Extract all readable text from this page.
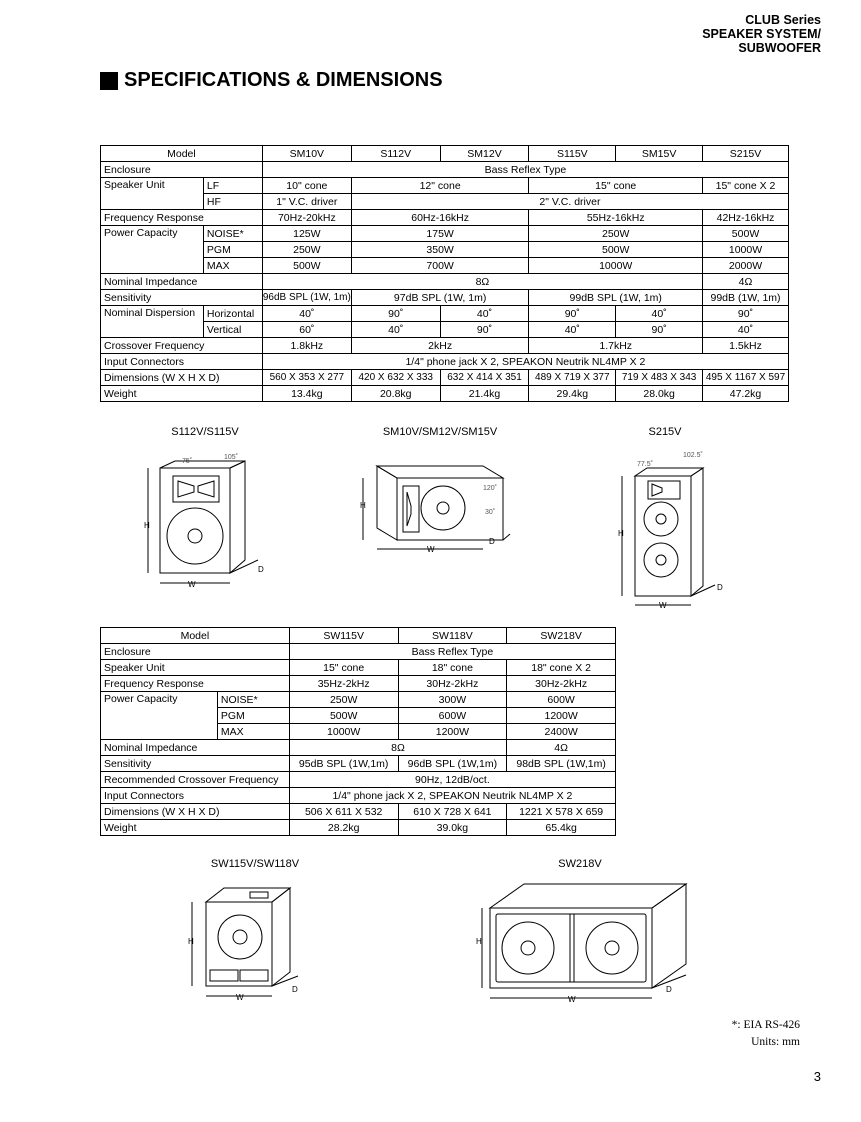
CLUB Series
SPEAKER SYSTEM/
SUBWOOFER
SPECIFICATIONS & DIMENSIONS
Model		SM10V	S112V	SM12V	S115V	SM15V	S215V
Enclosure		Bass Reflex Type					
Speaker Unit	LF	10" cone	12" cone		15" cone		15" cone X 2
	HF	1" V.C. driver	2" V.C. driver				
Frequency Response		70Hz-20kHz	60Hz-16kHz		55Hz-16kHz		42Hz-16kHz
Power Capacity	NOISE*	125W	175W		250W		500W
	PGM	250W	350W		500W		1000W
	MAX	500W	700W		1000W		2000W
Nominal Impedance		8Ω					4Ω
Sensitivity		96dB SPL (1W, 1m)	97dB SPL (1W, 1m)		99dB SPL (1W, 1m)		99dB (1W, 1m)
Nominal Dispersion	Horizontal	40˚	90˚	40˚	90˚	40˚	90˚
	Vertical	60˚	40˚	90˚	40˚	90˚	40˚
Crossover Frequency		1.8kHz	2kHz		1.7kHz		1.5kHz
Input Connectors		1/4" phone jack X 2, SPEAKON Neutrik NL4MP X 2					
Dimensions (W X H X D)		560 X 353 X 277	420 X 632 X 333	632 X 414 X 351	489 X 719 X 377	719 X 483 X 343	495 X 1167 X 597
Weight		13.4kg	20.8kg	21.4kg	29.4kg	28.0kg	47.2kg
S112V/S115V	SM10V/SM12V/SM15V	S215V
W
H
D
75˚
105˚
W
H
D
120˚
30˚
W
H
D
77.5˚
102.5˚
Model		SW115V	SW118V	SW218V
Enclosure		Bass Reflex Type		
Speaker Unit		15" cone	18" cone	18" cone X 2
Frequency Response		35Hz-2kHz	30Hz-2kHz	30Hz-2kHz
Power Capacity	NOISE*	250W	300W	600W
	PGM	500W	600W	1200W
	MAX	1000W	1200W	2400W
Nominal Impedance		8Ω		4Ω
Sensitivity		95dB SPL (1W,1m)	96dB SPL (1W,1m)	98dB SPL (1W,1m)
Recommended Crossover Frequency		90Hz, 12dB/oct.		
Input Connectors		1/4" phone jack X 2, SPEAKON Neutrik NL4MP X 2		
Dimensions (W X H X D)		506 X 611 X 532	610 X 728 X 641	1221 X 578 X 659
Weight		28.2kg	39.0kg	65.4kg
SW115V/SW118V	SW218V
W
H
D
W
H
D
*: EIA RS-426
Units: mm
3
